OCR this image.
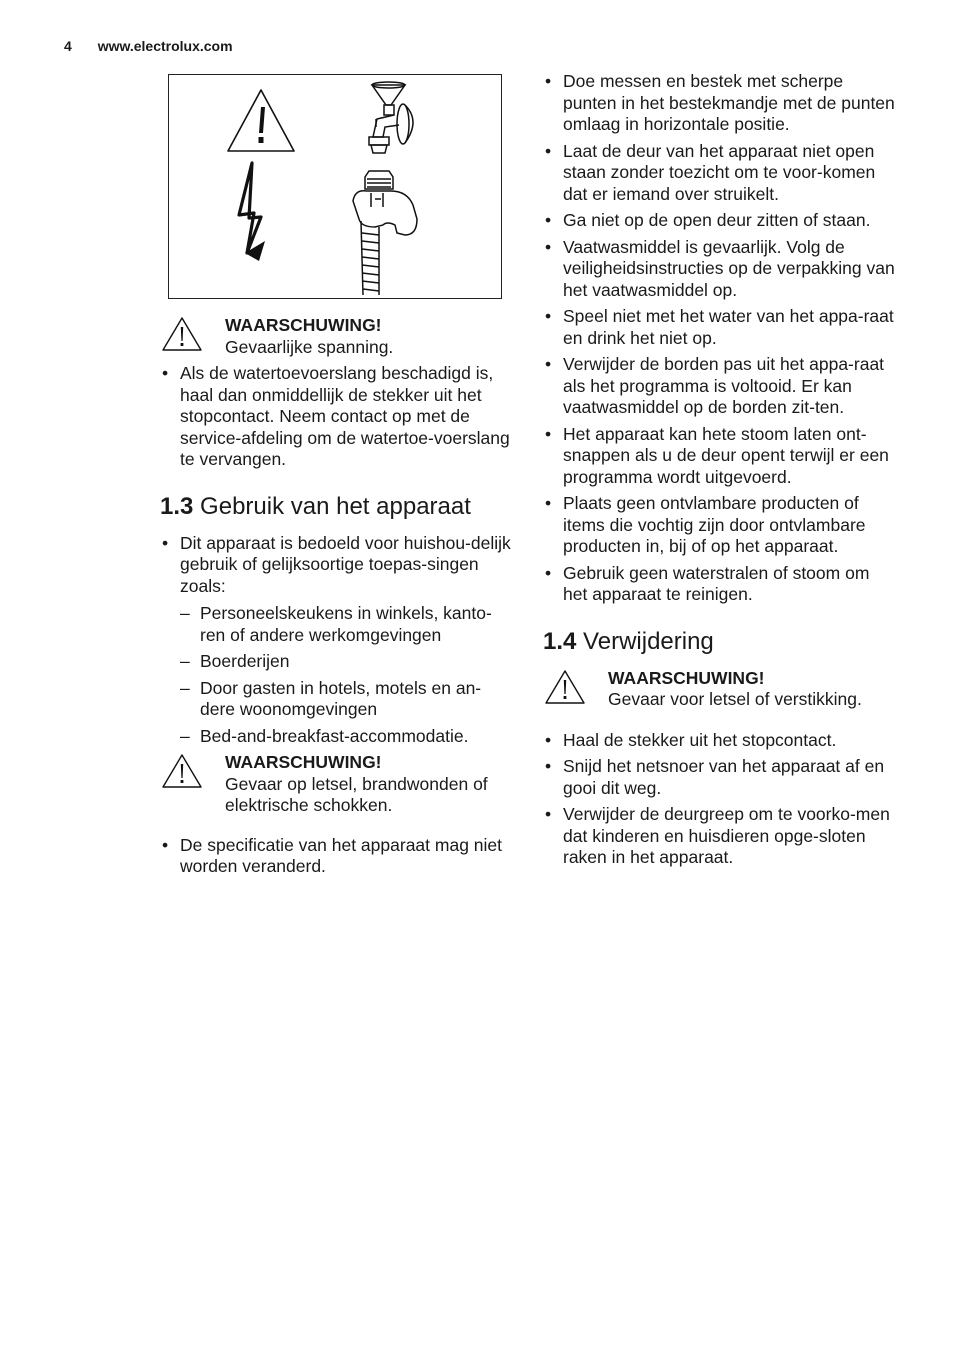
4 www.electrolux.com
WAARSCHUWING!
Gevaarlijke spanning.
• Als de watertoevoerslang beschadigd is, haal dan onmiddellijk de stekker uit het stopcontact. Neem contact op met de service-afdeling om de watertoe-voerslang te vervangen.
1.3 Gebruik van het apparaat
• Dit apparaat is bedoeld voor huishou-delijk gebruik of gelijksoortige toepas-singen zoals:
– Personeelskeukens in winkels, kanto-ren of andere werkomgevingen
– Boerderijen
– Door gasten in hotels, motels en an-dere woonomgevingen
– Bed-and-breakfast-accommodatie.
WAARSCHUWING!
Gevaar op letsel, brandwonden of elektrische schokken.
• De specificatie van het apparaat mag niet worden veranderd.
• Doe messen en bestek met scherpe punten in het bestekmandje met de punten omlaag in horizontale positie.
• Laat de deur van het apparaat niet open staan zonder toezicht om te voor-komen dat er iemand over struikelt.
• Ga niet op de open deur zitten of staan.
• Vaatwasmiddel is gevaarlijk. Volg de veiligheidsinstructies op de verpakking van het vaatwasmiddel op.
• Speel niet met het water van het appa-raat en drink het niet op.
• Verwijder de borden pas uit het appa-raat als het programma is voltooid. Er kan vaatwasmiddel op de borden zit-ten.
• Het apparaat kan hete stoom laten ont-snappen als u de deur opent terwijl er een programma wordt uitgevoerd.
• Plaats geen ontvlambare producten of items die vochtig zijn door ontvlambare producten in, bij of op het apparaat.
• Gebruik geen waterstralen of stoom om het apparaat te reinigen.
1.4 Verwijdering
WAARSCHUWING!
Gevaar voor letsel of verstikking.
• Haal de stekker uit het stopcontact.
• Snijd het netsnoer van het apparaat af en gooi dit weg.
• Verwijder de deurgreep om te voorko-men dat kinderen en huisdieren opge-sloten raken in het apparaat.
